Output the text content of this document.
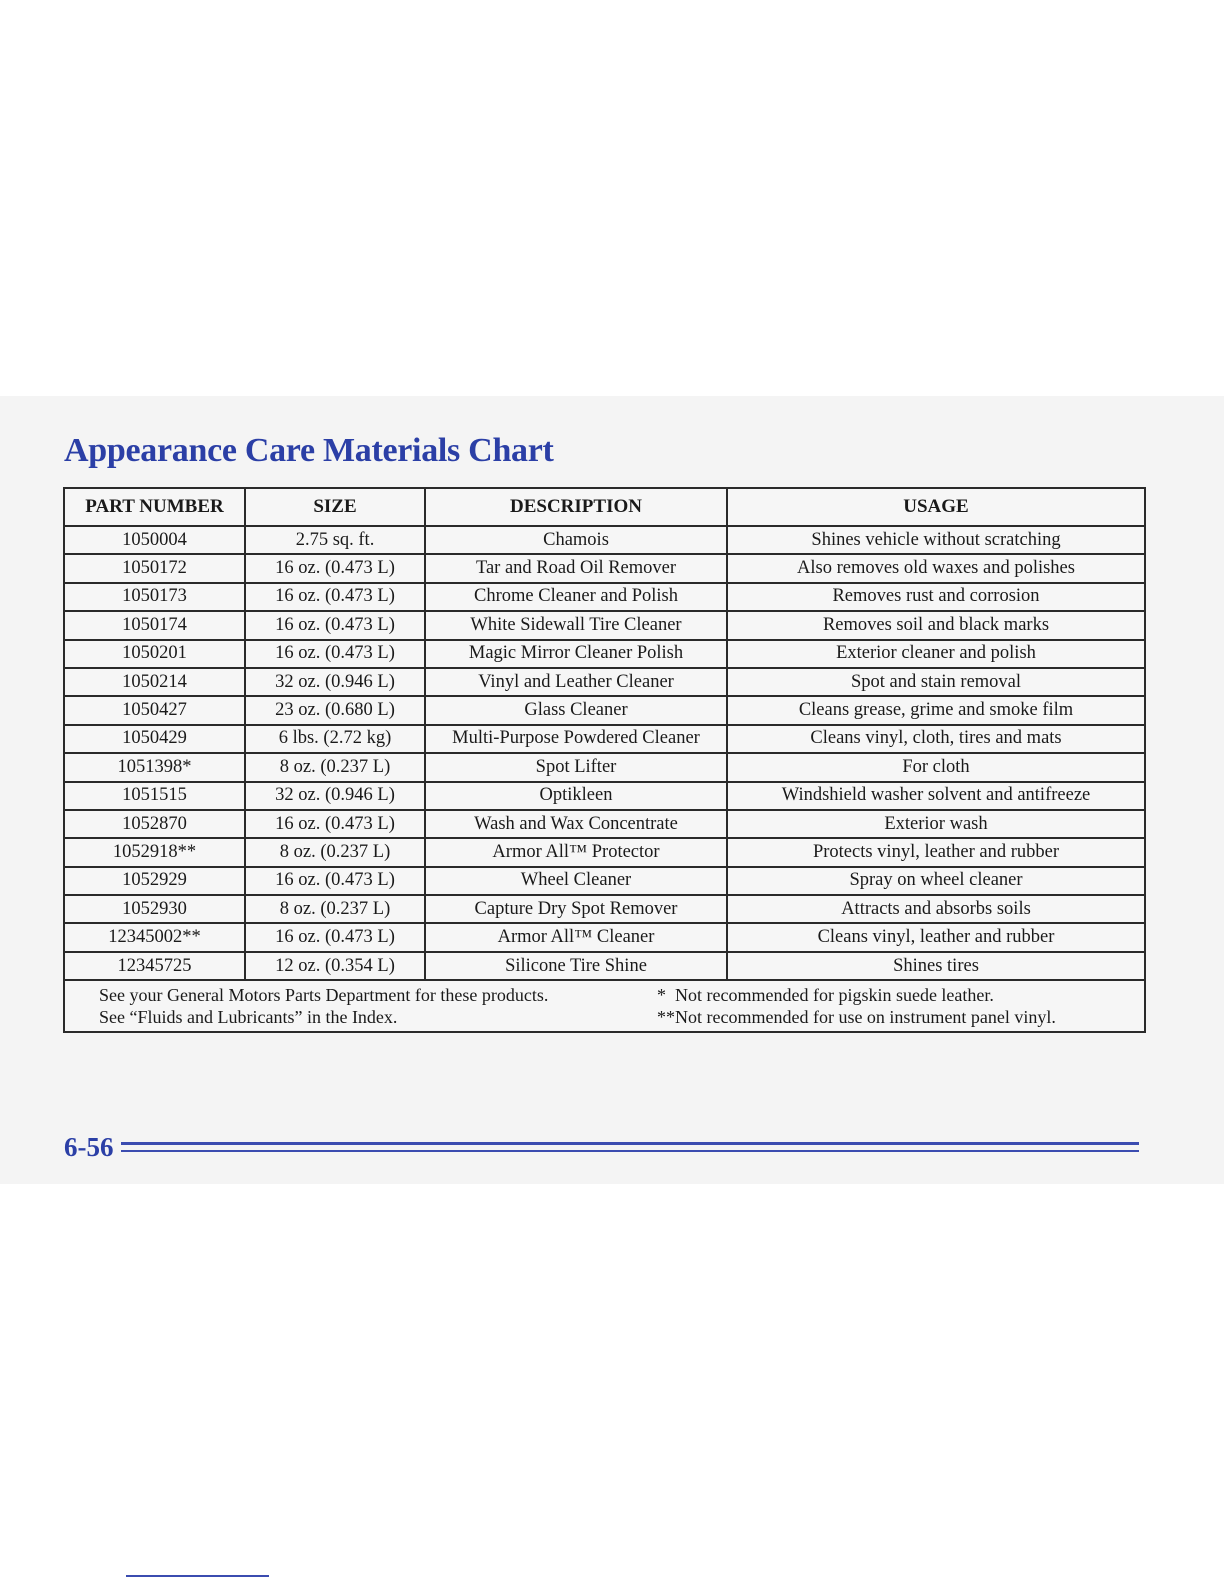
Appearance Care Materials Chart
PART NUMBER	SIZE	DESCRIPTION	USAGE
1050004	2.75 sq. ft.	Chamois	Shines vehicle without scratching
1050172	16 oz. (0.473 L)	Tar and Road Oil Remover	Also removes old waxes and polishes
1050173	16 oz. (0.473 L)	Chrome Cleaner and Polish	Removes rust and corrosion
1050174	16 oz. (0.473 L)	White Sidewall Tire Cleaner	Removes soil and black marks
1050201	16 oz. (0.473 L)	Magic Mirror Cleaner Polish	Exterior cleaner and polish
1050214	32 oz. (0.946 L)	Vinyl and Leather Cleaner	Spot and stain removal
1050427	23 oz. (0.680 L)	Glass Cleaner	Cleans grease, grime and smoke film
1050429	6 lbs. (2.72 kg)	Multi-Purpose Powdered Cleaner	Cleans vinyl, cloth, tires and mats
1051398*	8 oz. (0.237 L)	Spot Lifter	For cloth
1051515	32 oz. (0.946 L)	Optikleen	Windshield washer solvent and antifreeze
1052870	16 oz. (0.473 L)	Wash and Wax Concentrate	Exterior wash
1052918**	8 oz. (0.237 L)	Armor All™ Protector	Protects vinyl, leather and rubber
1052929	16 oz. (0.473 L)	Wheel Cleaner	Spray on wheel cleaner
1052930	8 oz. (0.237 L)	Capture Dry Spot Remover	Attracts and absorbs soils
12345002**	16 oz. (0.473 L)	Armor All™ Cleaner	Cleans vinyl, leather and rubber
12345725	12 oz. (0.354 L)	Silicone Tire Shine	Shines tires

See your General Motors Parts Department for these products.
See “Fluids and Lubricants” in the Index.
*  Not recommended for pigskin suede leather.
**Not recommended for use on instrument panel vinyl.			
6-56
